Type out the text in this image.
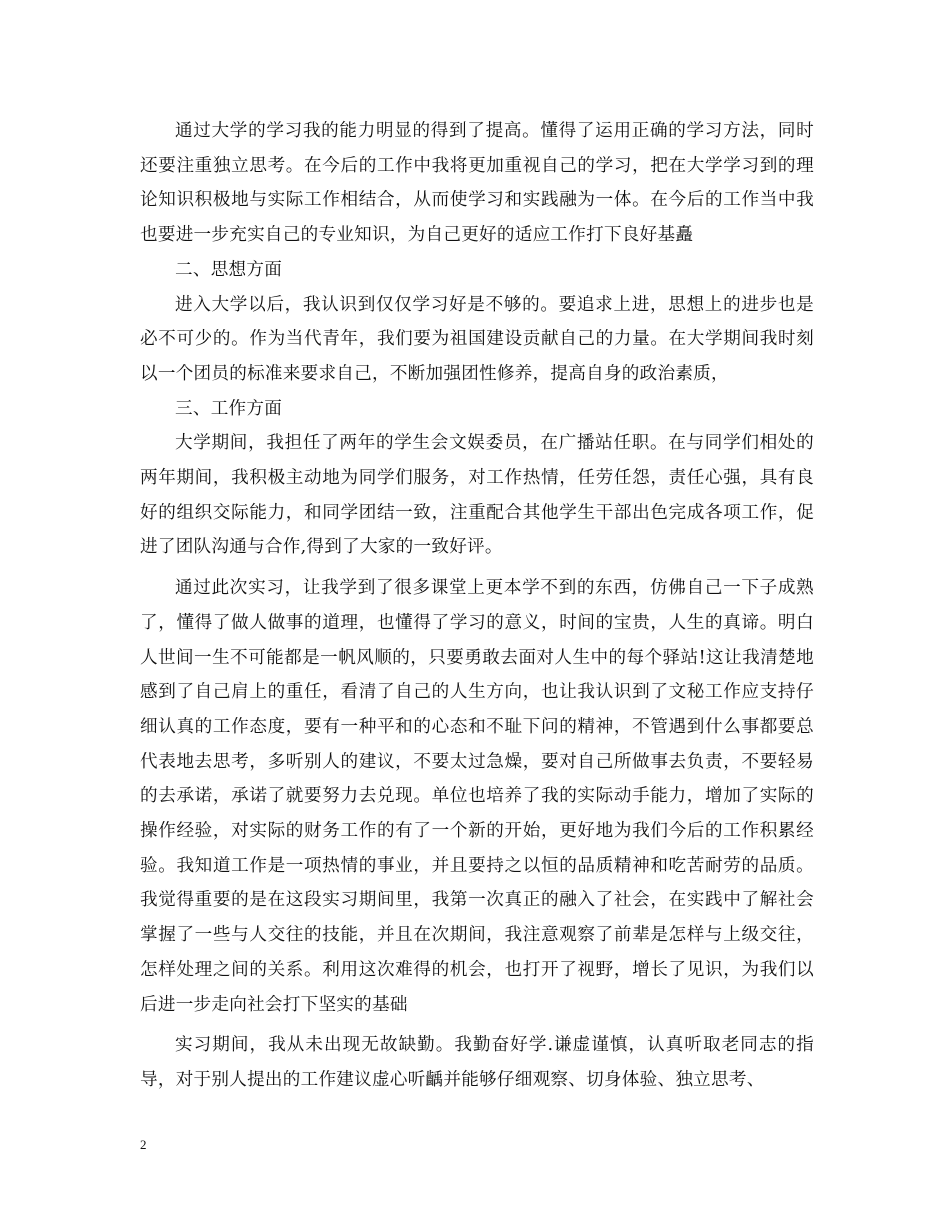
通过大学的学习我的能力明显的得到了提高。懂得了运用正确的学习方法，同时还要注重独立思考。在今后的工作中我将更加重视自己的学习，把在大学学习到的理论知识积极地与实际工作相结合，从而使学习和实践融为一体。在今后的工作当中我也要进一步充实自己的专业知识，为自己更好的适应工作打下良好基矗

二、思想方面

进入大学以后，我认识到仅仅学习好是不够的。要追求上进，思想上的进步也是必不可少的。作为当代青年，我们要为祖国建设贡献自己的力量。在大学期间我时刻以一个团员的标准来要求自己，不断加强团性修养，提高自身的政治素质，

三、工作方面

大学期间，我担任了两年的学生会文娱委员，在广播站任职。在与同学们相处的两年期间，我积极主动地为同学们服务，对工作热情，任劳任怨，责任心强，具有良好的组织交际能力，和同学团结一致，注重配合其他学生干部出色完成各项工作，促进了团队沟通与合作,得到了大家的一致好评。

通过此次实习，让我学到了很多课堂上更本学不到的东西，仿佛自己一下子成熟了，懂得了做人做事的道理，也懂得了学习的意义，时间的宝贵，人生的真谛。明白人世间一生不可能都是一帆风顺的，只要勇敢去面对人生中的每个驿站!这让我清楚地感到了自己肩上的重任，看清了自己的人生方向，也让我认识到了文秘工作应支持仔细认真的工作态度，要有一种平和的心态和不耻下问的精神，不管遇到什么事都要总代表地去思考，多听别人的建议，不要太过急燥，要对自己所做事去负责，不要轻易的去承诺，承诺了就要努力去兑现。单位也培养了我的实际动手能力，增加了实际的操作经验，对实际的财务工作的有了一个新的开始，更好地为我们今后的工作积累经验。我知道工作是一项热情的事业，并且要持之以恒的品质精神和吃苦耐劳的品质。我觉得重要的是在这段实习期间里，我第一次真正的融入了社会，在实践中了解社会掌握了一些与人交往的技能，并且在次期间，我注意观察了前辈是怎样与上级交往，怎样处理之间的关系。利用这次难得的机会，也打开了视野，增长了见识，为我们以后进一步走向社会打下坚实的基础

实习期间，我从未出现无故缺勤。我勤奋好学.谦虚谨慎，认真听取老同志的指导，对于别人提出的工作建议虚心听齲并能够仔细观察、切身体验、独立思考、

2
